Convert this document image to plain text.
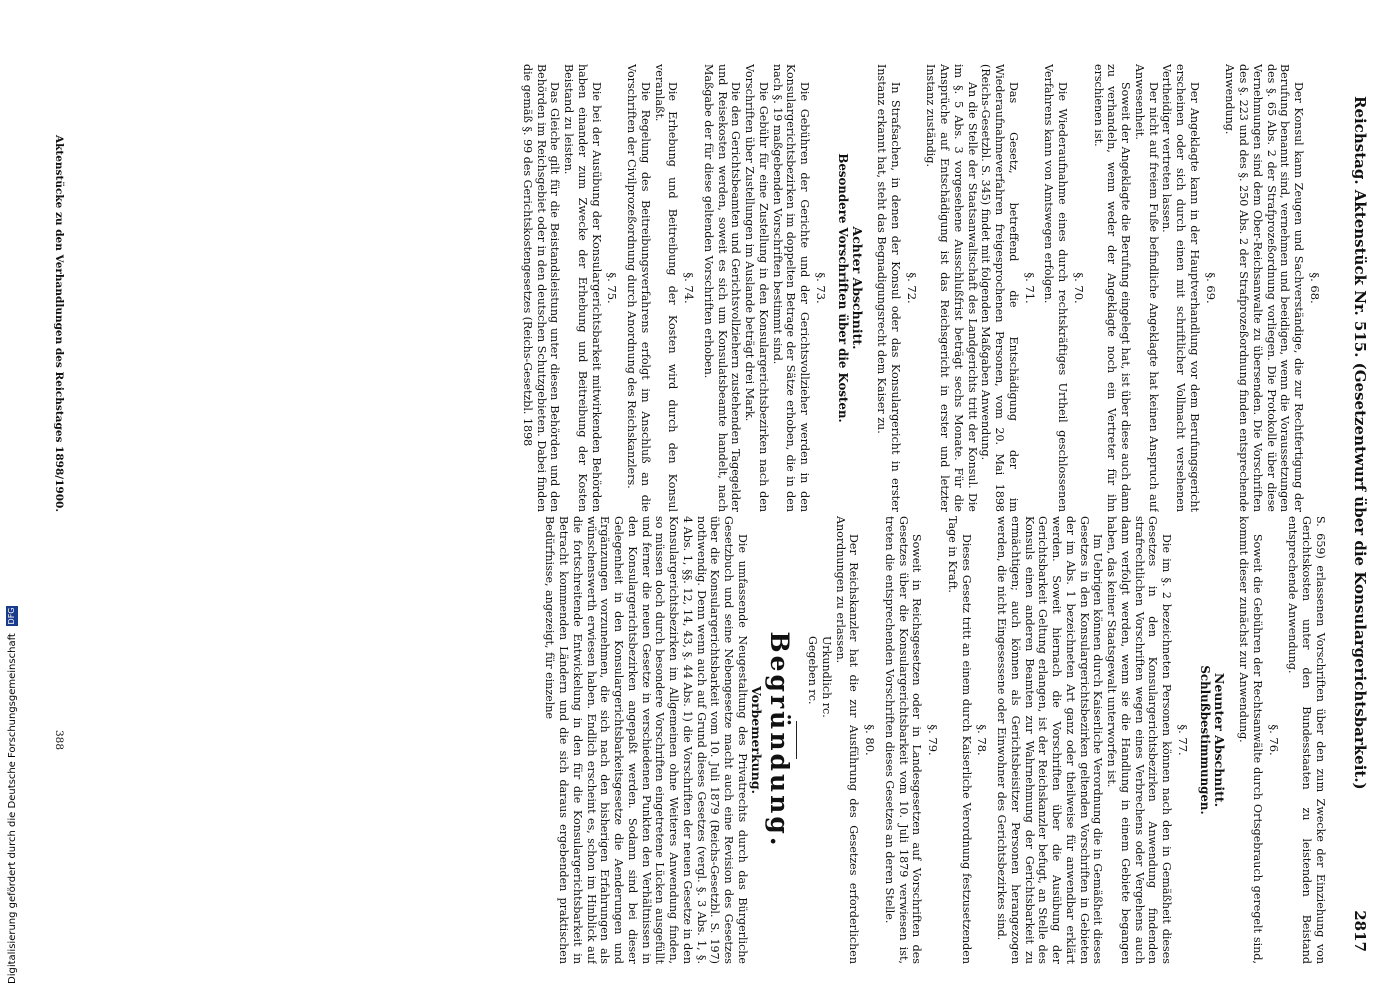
Reichstag. Aktenstück Nr. 515. (Gesetzentwurf über die Konsulargerichtsbarkeit.)
2817

§. 68.

Der Konsul kann Zeugen und Sachverständige, die zur Rechtfertigung der Berufung benannt sind, vernehmen und beeidigen, wenn die Voraussetzungen des §. 65 Abs. 2 der Strafprozeßordnung vorliegen. Die Protokolle über diese Vernehmungen sind dem Ober-Reichsanwalte zu übersenden. Die Vorschriften des §. 223 und des §. 250 Abs. 2 der Strafprozeßordnung finden entsprechende Anwendung.

§. 69.

Der Angeklagte kann in der Hauptverhandlung vor dem Berufungsgericht erscheinen oder sich durch einen mit schriftlicher Vollmacht versehenen Vertheidiger vertreten lassen.

Der nicht auf freiem Fuße befindliche Angeklagte hat keinen Anspruch auf Anwesenheit.

Soweit der Angeklagte die Berufung eingelegt hat, ist über diese auch dann zu verhandeln, wenn weder der Angeklagte noch ein Vertreter für ihn erschienen ist.

§. 70.

Die Wiederaufnahme eines durch rechtskräftiges Urtheil geschlossenen Verfahrens kann von Amtswegen erfolgen.

§. 71.

Das Gesetz, betreffend die Entschädigung der im Wiederaufnahmeverfahren freigesprochenen Personen, vom 20. Mai 1898 (Reichs-Gesetzbl. S. 345) findet mit folgenden Maßgaben Anwendung.

An die Stelle der Staatsanwaltschaft des Landgerichts tritt der Konsul. Die im §. 5 Abs. 3 vorgesehene Ausschlußfrist beträgt sechs Monate. Für die Ansprüche auf Entschädigung ist das Reichsgericht in erster und letzter Instanz zuständig.

§. 72.

In Strafsachen, in denen der Konsul oder das Konsulargericht in erster Instanz erkannt hat, steht das Begnadigungsrecht dem Kaiser zu.

Achter Abschnitt.

Besondere Vorschriften über die Kosten.

§. 73.

Die Gebühren der Gerichte und der Gerichtsvollzieher werden in den Konsulargerichtsbezirken im doppelten Betrage der Sätze erhoben, die in den nach §. 19 maßgebenden Vorschriften bestimmt sind.

Die Gebühr für eine Zustellung in den Konsulargerichtsbezirken nach den Vorschriften über Zustellungen im Auslande beträgt drei Mark.

Die den Gerichtsbeamten und Gerichtsvollziehern zustehenden Tagegelder und Reisekosten werden, soweit es sich um Konsulatsbeamte handelt, nach Maßgabe der für diese geltenden Vorschriften erhoben.

§. 74.

Die Erhebung und Beitreibung der Kosten wird durch den Konsul veranlaßt.

Die Regelung des Beitreibungsverfahrens erfolgt im Anschluß an die Vorschriften der Civilprozeßordnung durch Anordnung des Reichskanzlers.

§. 75.

Die bei der Ausübung der Konsulargerichtsbarkeit mitwirkenden Behörden haben einander zum Zwecke der Erhebung und Beitreibung der Kosten Beistand zu leisten.

Das Gleiche gilt für die Beistandsleistung unter diesen Behörden und den Behörden im Reichsgebiet oder in den deutschen Schutzgebieten. Dabei finden die gemäß §. 99 des Gerichtskostengesetzes (Reichs-Gesetzbl. 1898

S. 659) erlassenen Vorschriften über den zum Zwecke der Einziehung von Gerichtskosten unter den Bundesstaaten zu leistenden Beistand entsprechende Anwendung.

§. 76.

Soweit die Gebühren der Rechtsanwälte durch Ortsgebrauch geregelt sind, kommt dieser zunächst zur Anwendung.

Neunter Abschnitt.

Schlußbestimmungen.

§. 77.

Die im §. 2 bezeichneten Personen können nach den in Gemäßheit dieses Gesetzes in den Konsulargerichtsbezirken Anwendung findenden strafrechtlichen Vorschriften wegen eines Verbrechens oder Vergehens auch dann verfolgt werden, wenn sie die Handlung in einem Gebiete begangen haben, das keiner Staatsgewalt unterworfen ist.

Im Uebrigen können durch Kaiserliche Verordnung die in Gemäßheit dieses Gesetzes in den Konsulargerichtsbezirken geltenden Vorschriften in Gebieten der im Abs. 1 bezeichneten Art ganz oder theilweise für anwendbar erklärt werden. Soweit hiernach die Vorschriften über die Ausübung der Gerichtsbarkeit Geltung erlangen, ist der Reichskanzler befugt, an Stelle des Konsuls einen anderen Beamten zur Wahrnehmung der Gerichtsbarkeit zu ermächtigen; auch können als Gerichtsbeisitzer Personen herangezogen werden, die nicht Eingesessene oder Einwohner des Gerichtsbezirkes sind.

§. 78.

Dieses Gesetz tritt an einem durch Kaiserliche Verordnung festzusetzenden Tage in Kraft.

§. 79.

Soweit in Reichsgesetzen oder in Landesgesetzen auf Vorschriften des Gesetzes über die Konsulargerichtsbarkeit vom 10. Juli 1879 verwiesen ist, treten die entsprechenden Vorschriften dieses Gesetzes an deren Stelle.

§. 80.

Der Reichskanzler hat die zur Ausführung des Gesetzes erforderlichen Anordnungen zu erlassen.

Urkundlich rc.

Gegeben rc.

Begründung.

Vorbemerkung.

Die umfassende Neugestaltung des Privatrechts durch das Bürgerliche Gesetzbuch und seine Nebengesetze macht auch eine Revision des Gesetzes über die Konsulargerichtsbarkeit vom 10. Juli 1879 (Reichs-Gesetzbl. S. 197) nothwendig. Denn wenn auch auf Grund dieses Gesetzes (vergl. §. 3 Abs. 1, §. 4 Abs. 1, §§. 12, 14, 43, §. 44 Abs. 1) die Vorschriften der neuen Gesetze in den Konsulargerichtsbezirken im Allgemeinen ohne Weiteres Anwendung finden, so müssen doch durch besondere Vorschriften eingetretene Lücken ausgefüllt und ferner die neuen Gesetze in verschiedenen Punkten den Verhältnissen in den Konsulargerichtsbezirken angepaßt werden. Sodann sind bei dieser Gelegenheit in den Konsulargerichtsbarkeitsgesetze die Aenderungen und Ergänzungen vorzunehmen, die sich nach den bisherigen Erfahrungen als wünschenswerth erwiesen haben. Endlich erscheint es, schon im Hinblick auf die fortschreitende Entwickelung in den für die Konsulargerichtsbarkeit in Betracht kommenden Ländern und die sich daraus ergebenden praktischen Bedürfnisse, angezeigt, für einzelne

Aktenstücke zu den Verhandlungen des Reichstages 1898/1900.
388
Digitalisierung gefördert durch die Deutsche Forschungsgemeinschaft DFG
